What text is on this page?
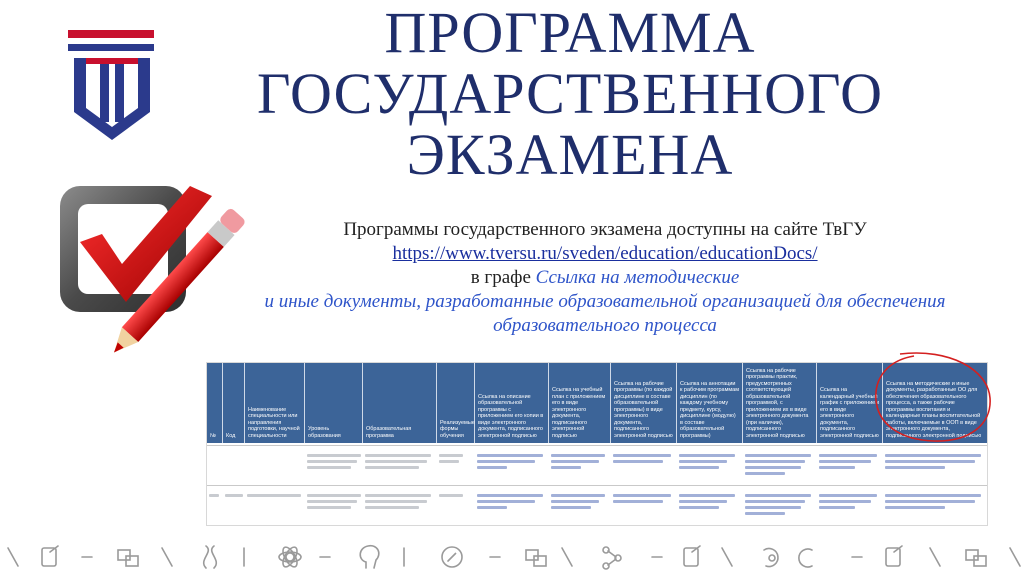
ПРОГРАММА
ГОСУДАРСТВЕННОГО
ЭКЗАМЕНА
Программы государственного экзамена доступны на сайте ТвГУ
https://www.tversu.ru/sveden/education/educationDocs/
в графе Ссылка на методические
и иные документы, разработанные образовательной организацией для обеспечения
образовательного процесса
№ Код
Наименование специальности или направления подготовки, научной специальности
Уровень образования
Образовательная программа
Реализуемые формы обучения
Ссылка на описание образовательной программы с приложением его копии в виде электронного документа, подписанного электронной подписью
Ссылка на учебный план с приложением его в виде электронного документа, подписанного электронной подписью
Ссылка на рабочие программы (по каждой дисциплине в составе образовательной программы) в виде электронного документа, подписанного электронной подписью
Ссылка на аннотации к рабочим программам дисциплин (по каждому учебному предмету, курсу, дисциплине (модулю) в составе образовательной программы)
Ссылка на рабочие программы практик, предусмотренных соответствующей образовательной программой, с приложением их в виде электронного документа (при наличии), подписанного электронной подписью
Ссылка на календарный учебный график с приложением его в виде электронного документа, подписанного электронной подписью
Ссылка на методические и иные документы, разработанные ОО для обеспечения образовательного процесса, а также рабочие программы воспитания и календарные планы воспитательной работы, включаемые в ООП в виде электронного документа, подписанного электронной подписью
